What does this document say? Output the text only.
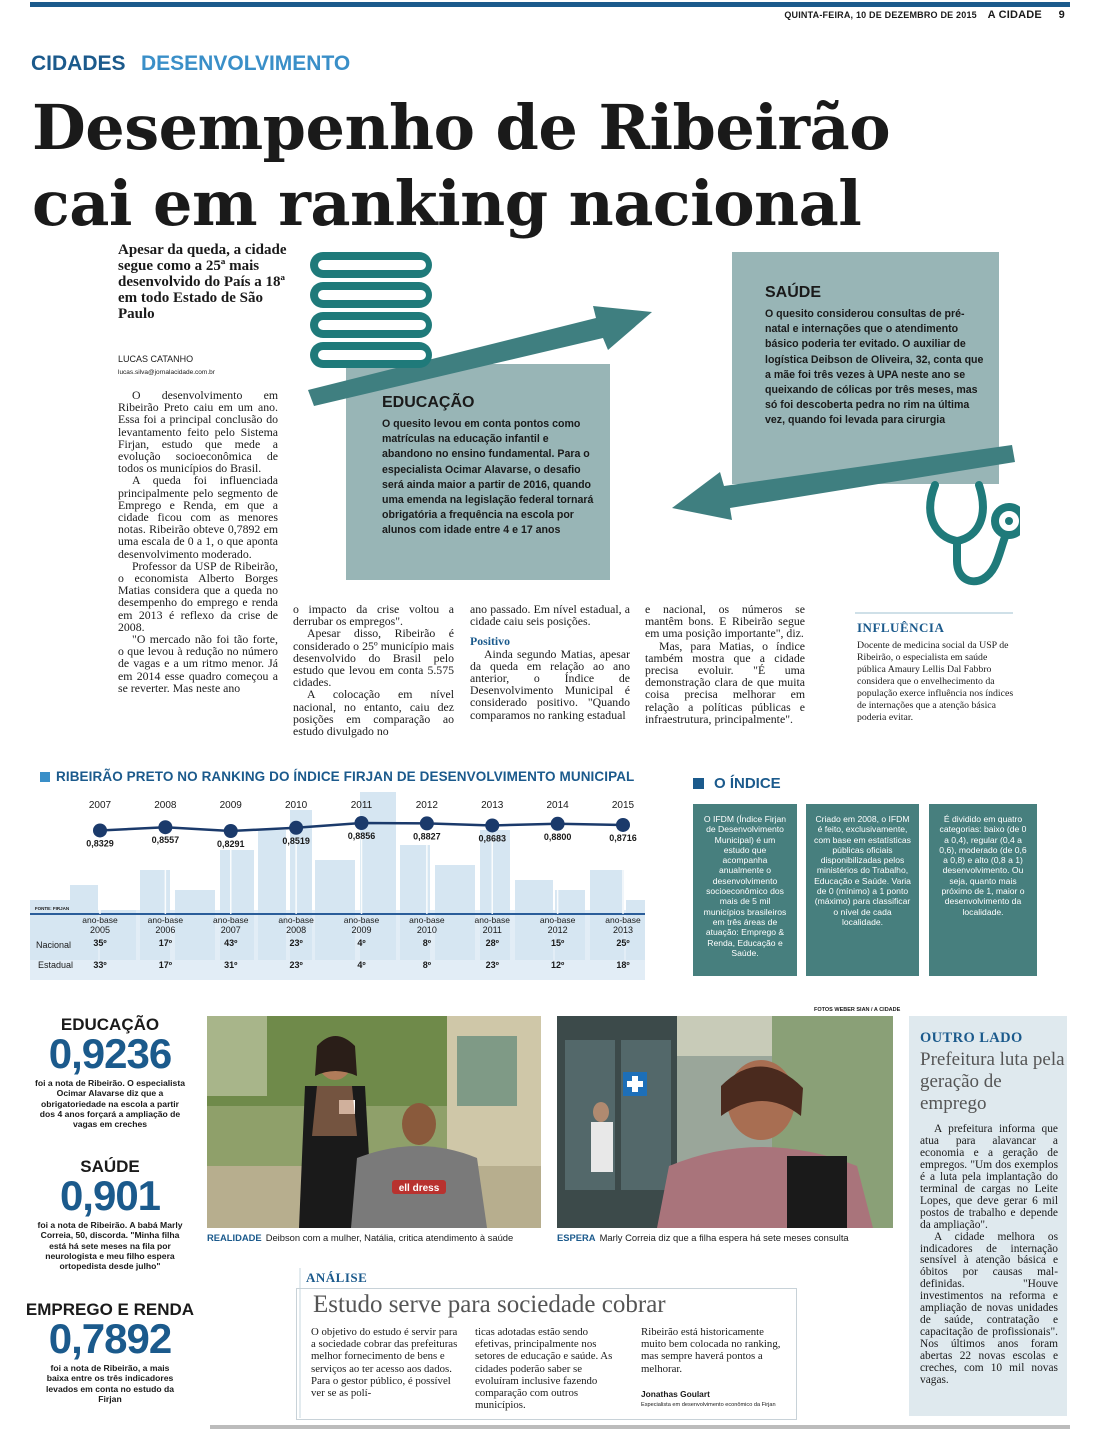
QUINTA-FEIRA, 10 DE DEZEMBRO DE 2015 A CIDADE 9
CIDADES DESENVOLVIMENTO
Desempenho de Ribeirão
cai em ranking nacional
Apesar da queda, a cidade segue como a 25ª mais desenvolvido do País a 18ª em todo Estado de São Paulo
LUCAS CATANHO
lucas.silva@jornalacidade.com.br

O desenvolvimento em Ribeirão Preto caiu em um ano. Essa foi a principal conclusão do levantamento feito pelo Sistema Firjan, estudo que mede a evolução socioeconômica de todos os municípios do Brasil.

A queda foi influenciada principalmente pelo segmento de Emprego e Renda, em que a cidade ficou com as menores notas. Ribeirão obteve 0,7892 em uma escala de 0 a 1, o que aponta desenvolvimento moderado.

Professor da USP de Ribeirão, o economista Alberto Borges Matias considera que a queda no desempenho do emprego e renda em 2013 é reflexo da crise de 2008.

"O mercado não foi tão forte, o que levou à redução no número de vagas e a um ritmo menor. Já em 2014 esse quadro começou a se reverter. Mas neste ano

o impacto da crise voltou a derrubar os empregos".

Apesar disso, Ribeirão é considerado o 25º município mais desenvolvido do Brasil pelo estudo que levou em conta 5.575 cidades.

A colocação em nível nacional, no entanto, caiu dez posições em comparação ao estudo divulgado no

ano passado. Em nível estadual, a cidade caiu seis posições.

Positivo

Ainda segundo Matias, apesar da queda em relação ao ano anterior, o Índice de Desenvolvimento Municipal é considerado positivo. "Quando comparamos no ranking estadual

e nacional, os números se mantêm bons. E Ribeirão segue em uma posição importante", diz.

Mas, para Matias, o índice também mostra que a cidade precisa evoluir. "É uma demonstração clara de que muita coisa precisa melhorar em relação a políticas públicas e infraestrutura, principalmente".

SAÚDE
O quesito considerou consultas de pré-natal e internações que o atendimento básico poderia ter evitado. O auxiliar de logística Deibson de Oliveira, 32, conta que a mãe foi três vezes à UPA neste ano se queixando de cólicas por três meses, mas só foi descoberta pedra no rim na última vez, quando foi levada para cirurgia
EDUCAÇÃO
O quesito levou em conta pontos como matrículas na educação infantil e abandono no ensino fundamental. Para o especialista Ocimar Alavarse, o desafio será ainda maior a partir de 2016, quando uma emenda na legislação federal tornará obrigatória a frequência na escola por alunos com idade entre 4 e 17 anos
INFLUÊNCIA
Docente de medicina social da USP de Ribeirão, o especialista em saúde pública Amaury Lellis Dal Fabbro considera que o envelhecimento da população exerce influência nos índices de internações que a atenção básica poderia evitar.
RIBEIRÃO PRETO NO RANKING DO ÍNDICE FIRJAN DE DESENVOLVIMENTO MUNICIPAL
2007
0,8329
ano-base
2005
35º
33º
2008
0,8557
ano-base
2006
17º
17º
2009
0,8291
ano-base
2007
43º
31º
2010
0,8519
ano-base
2008
23º
23º
2011
0,8856
ano-base
2009
4º
4º
2012
0,8827
ano-base
2010
8º
8º
2013
0,8683
ano-base
2011
28º
23º
2014
0,8800
ano-base
2012
15º
12º
2015
0,8716
ano-base
2013
25º
18º
FONTE: FIRJAN
Nacional
Estadual
O ÍNDICE
O IFDM (Índice Firjan de Desenvolvimento Municipal) é um estudo que acompanha anualmente o desenvolvimento socioeconômico dos mais de 5 mil municípios brasileiros em três áreas de atuação: Emprego & Renda, Educação e Saúde.
Criado em 2008, o IFDM é feito, exclusivamente, com base em estatísticas públicas oficiais disponibilizadas pelos ministérios do Trabalho, Educação e Saúde. Varia de 0 (mínimo) a 1 ponto (máximo) para classificar o nível de cada localidade.
É dividido em quatro categorias: baixo (de 0 a 0,4), regular (0,4 a 0,6), moderado (de 0,6 a 0,8) e alto (0,8 a 1) desenvolvimento. Ou seja, quanto mais próximo de 1, maior o desenvolvimento da localidade.
EDUCAÇÃO
0,9236
foi a nota de Ribeirão. O especialista Ocimar Alavarse diz que a obrigatoriedade na escola a partir dos 4 anos forçará a ampliação de vagas em creches
SAÚDE
0,901
foi a nota de Ribeirão. A babá Marly Correia, 50, discorda. "Minha filha está há sete meses na fila por neurologista e meu filho espera ortopedista desde julho"
EMPREGO E RENDA
0,7892
foi a nota de Ribeirão, a mais baixa entre os três indicadores levados em conta no estudo da Firjan
FOTOS WEBER SIAN / A CIDADE
ell dress
REALIDADE Deibson com a mulher, Natália, critica atendimento à saúde	ESPERA Marly Correia diz que a filha espera há sete meses consulta
ANÁLISE
Estudo serve para sociedade cobrar
O objetivo do estudo é servir para a sociedade cobrar das prefeituras melhor fornecimento de bens e serviços ao ter acesso aos dados. Para o gestor público, é possível ver se as polí-
ticas adotadas estão sendo efetivas, principalmente nos setores de educação e saúde. As cidades poderão saber se evoluíram inclusive fazendo comparação com outros municípios.
Ribeirão está historicamente muito bem colocada no ranking, mas sempre haverá pontos a melhorar.
Jonathas Goulart
Especialista em desenvolvimento econômico da Firjan
OUTRO LADO
Prefeitura luta pela geração de emprego

A prefeitura informa que atua para alavancar a economia e a geração de empregos. "Um dos exemplos é a luta pela implantação do terminal de cargas no Leite Lopes, que deve gerar 6 mil postos de trabalho e depende da ampliação".

A cidade melhora os indicadores de internação sensível à atenção básica e óbitos por causas mal-definidas. "Houve investimentos na reforma e ampliação de novas unidades de saúde, contratação e capacitação de profissionais". Nos últimos anos foram abertas 22 novas escolas e creches, com 10 mil novas vagas.
